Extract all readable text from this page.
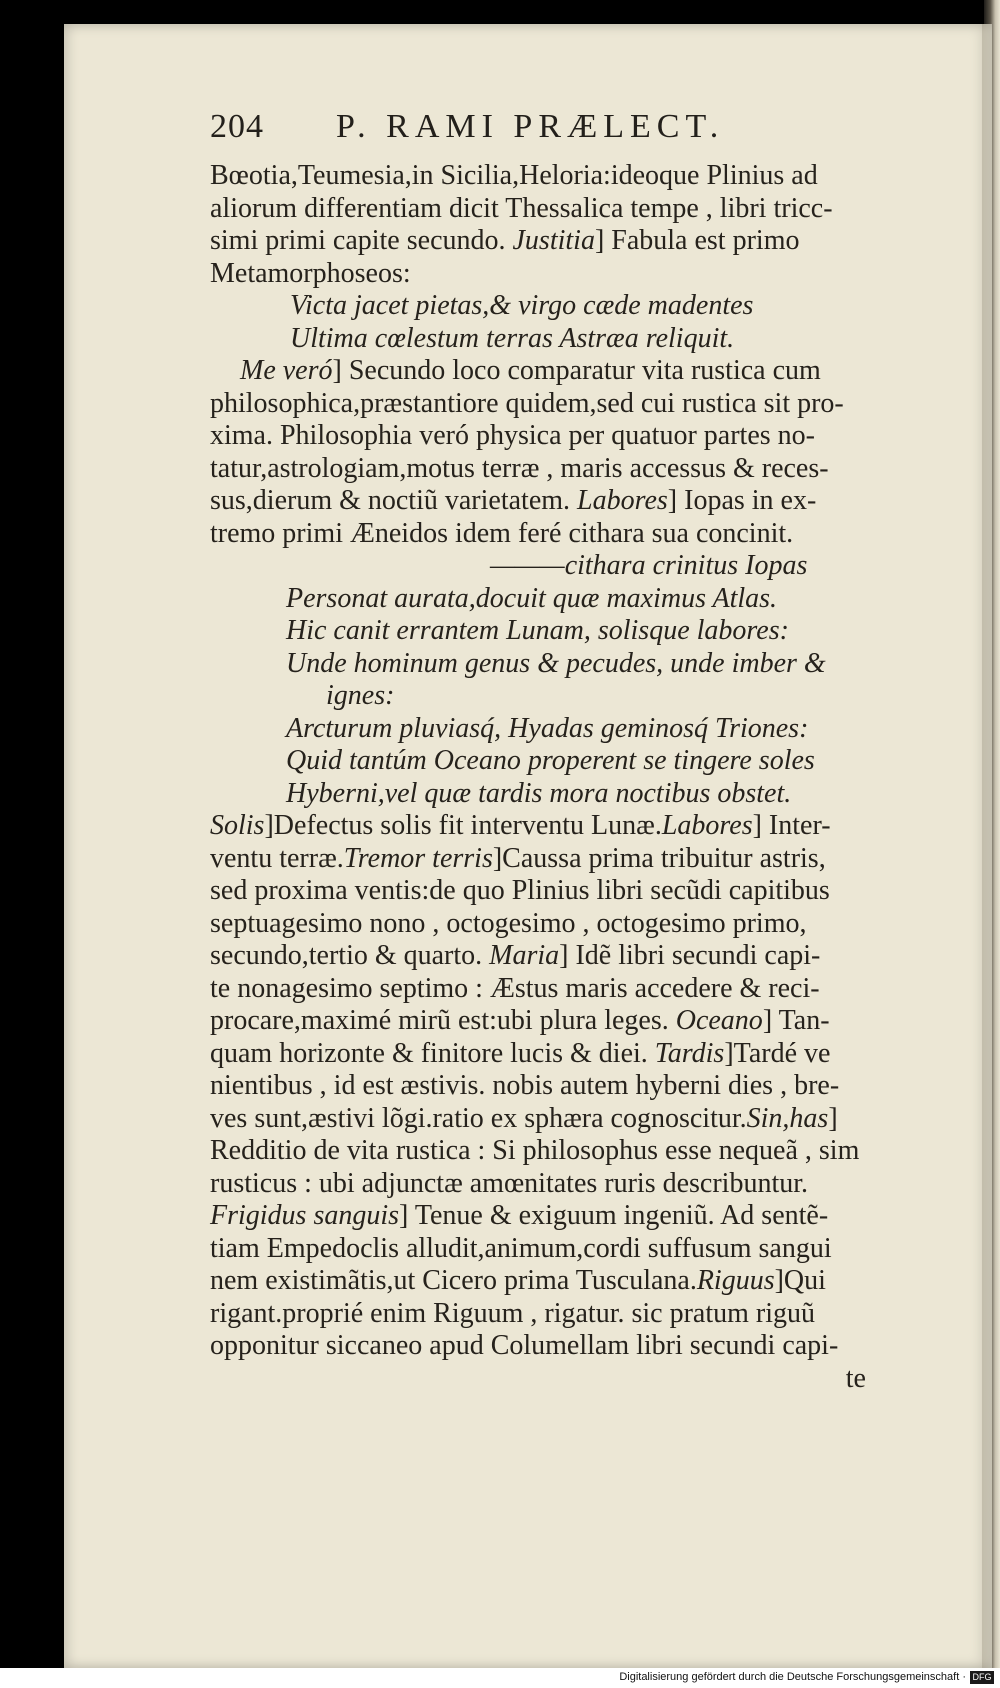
204 P. RAMI PRÆLECT.
Bœotia,Teumesia,in Sicilia,Heloria:ideoque Plinius ad
aliorum differentiam dicit Thessalica tempe , libri tricc-
simi primi capite secundo. Justitia] Fabula est primo
Metamorphoseos:
Victa jacet pietas,& virgo cæde madentes
Ultima cœlestum terras Astræa reliquit.
Me veró] Secundo loco comparatur vita rustica cum
philosophica,præstantiore quidem,sed cui rustica sit pro-
xima. Philosophia veró physica per quatuor partes no-
tatur,astrologiam,motus terræ , maris accessus & reces-
sus,dierum & noctiũ varietatem. Labores] Iopas in ex-
tremo primi Æneidos idem feré cithara sua concinit.
———cithara crinitus Iopas
Personat aurata,docuit quæ maximus Atlas.
Hic canit errantem Lunam, solisque labores:
Unde hominum genus & pecudes, unde imber &
ignes:
Arcturum pluviasq́, Hyadas geminosq́ Triones:
Quid tantúm Oceano properent se tingere soles
Hyberni,vel quæ tardis mora noctibus obstet.
Solis]Defectus solis fit interventu Lunæ.Labores] Inter-
ventu terræ.Tremor terris]Caussa prima tribuitur astris,
sed proxima ventis:de quo Plinius libri secũdi capitibus
septuagesimo nono , octogesimo , octogesimo primo,
secundo,tertio & quarto. Maria] Idẽ libri secundi capi-
te nonagesimo septimo : Æstus maris accedere & reci-
procare,maximé mirũ est:ubi plura leges. Oceano] Tan-
quam horizonte & finitore lucis & diei. Tardis]Tardé ve
nientibus , id est æstivis. nobis autem hyberni dies , bre-
ves sunt,æstivi lõgi.ratio ex sphæra cognoscitur.Sin,has]
Redditio de vita rustica : Si philosophus esse nequeã , sim
rusticus : ubi adjunctæ amœnitates ruris describuntur.
Frigidus sanguis] Tenue & exiguum ingeniũ. Ad sentẽ-
tiam Empedoclis alludit,animum,cordi suffusum sangui
nem existimãtis,ut Cicero prima Tusculana.Riguus]Qui
rigant.proprié enim Riguum , rigatur. sic pratum riguũ
opponitur siccaneo apud Columellam libri secundi capi-
te
Digitalisierung gefördert durch die Deutsche Forschungsgemeinschaft · DFG
